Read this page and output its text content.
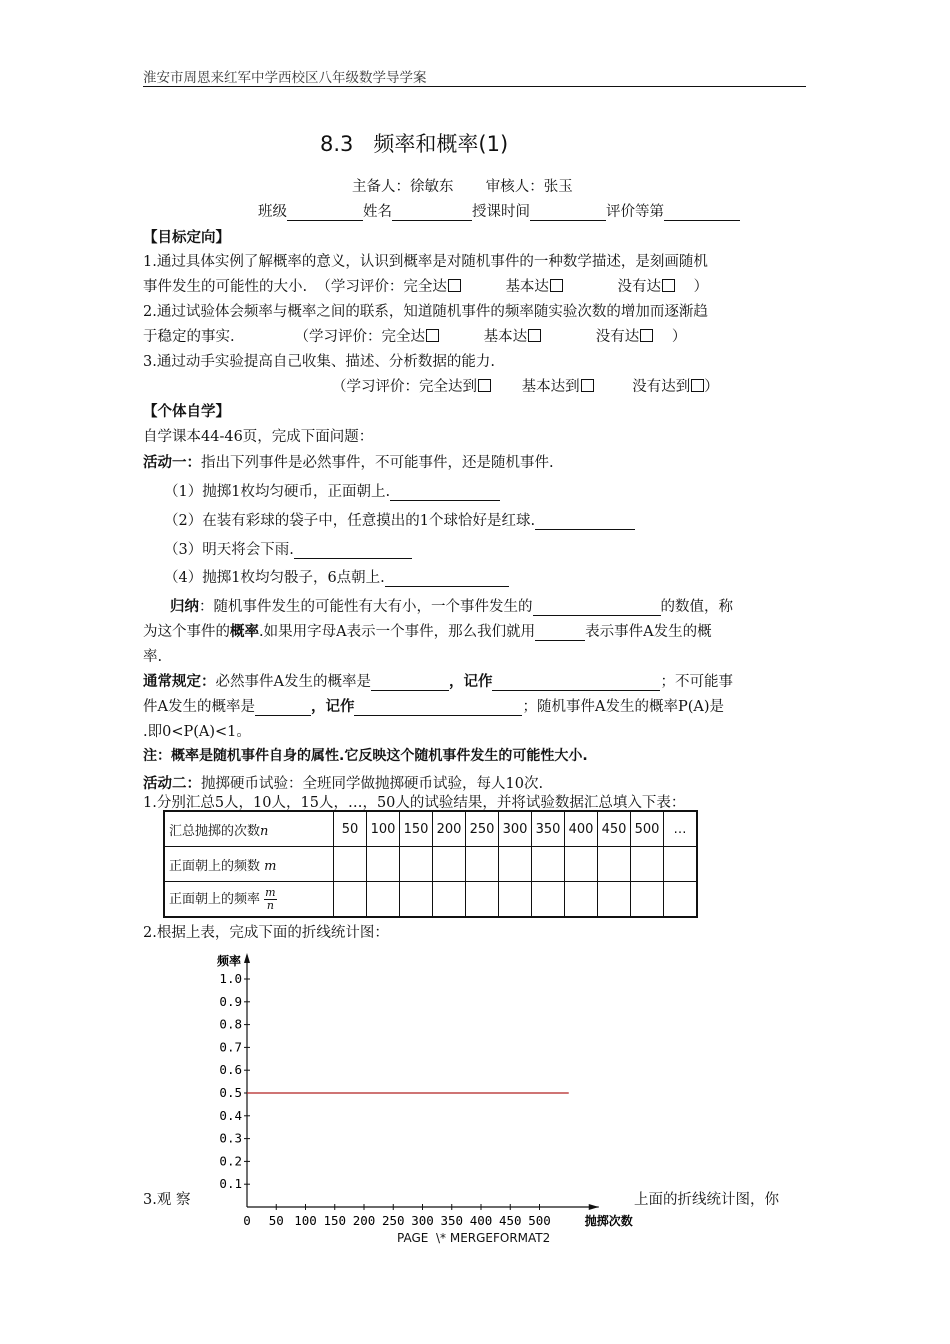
淮安市周恩来红军中学西校区八年级数学导学案
8.3   频率和概率(1)
主备人：徐敏东       审核人：张玉
班级	姓名	授课时间	评价等第
【目标定向】
1.通过具体实例了解概率的意义，认识到概率是对随机事件的一种数学描述，是刻画随机
事件发生的可能性的大小.  （学习评价：完全达	基本达	没有达 ）
2.通过试验体会频率与概率之间的联系，知道随机事件的频率随实验次数的增加而逐渐趋
于稳定的事实.             （学习评价：完全达	基本达	没有达 ）
3.通过动手实验提高自己收集、描述、分析数据的能力.
（学习评价：完全达到	基本达到	没有达到 ）
【个体自学】
自学课本44-46页，完成下面问题：
活动一：指出下列事件是必然事件，不可能事件，还是随机事件.
（1）抛掷1枚均匀硬币，正面朝上.
（2）在装有彩球的袋子中，任意摸出的1个球恰好是红球.
（3）明天将会下雨.
（4）抛掷1枚均匀骰子，6点朝上.
归纳：随机事件发生的可能性有大有小，一个事件发生的	的数值，称
为这个事件的概率.如果用字母A表示一个事件，那么我们就用	表示事件A发生的概
率.
通常规定：必然事件A发生的概率是	，记作	；不可能事
件A发生的概率是	，记作	；随机事件A发生的概率P(A)是
.即0<P(A)<1。
注：概率是随机事件自身的属性.它反映这个随机事件发生的可能性大小.
活动二：抛掷硬币试验：全班同学做抛掷硬币试验，每人10次.
1.分别汇总5人，10人，15人，…，50人的试验结果，并将试验数据汇总填入下表：
汇总抛掷的次数n	50	100	150	200	250	300	350	400	450	500	…
正面朝上的频数 m											
正面朝上的频率 $\frac{m}{n}$

2.根据上表，完成下面的折线统计图：
频率
抛掷次数
0.1
0.2
0.3
0.4
0.5
0.6
0.7
0.8
0.9
1.0
0 50 100 150 200 250 300 350 400 450 500
3.观 察	上面的折线统计图，你
PAGE  \* MERGEFORMAT2
